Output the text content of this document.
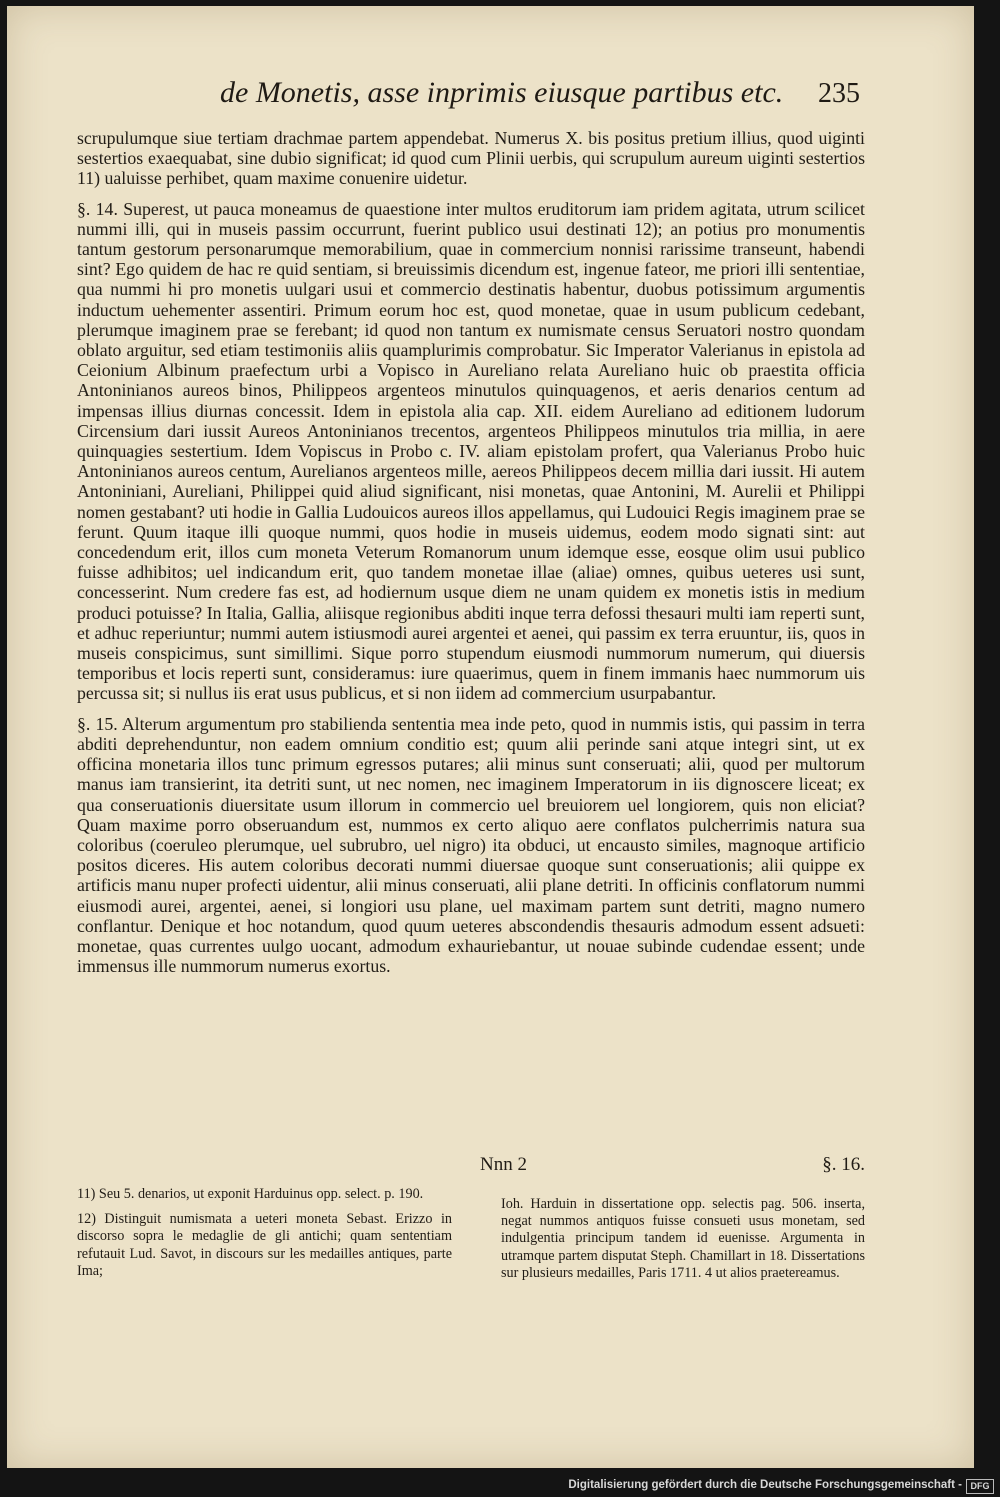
de Monetis, asse inprimis eiusque partibus etc. 235

scrupulumque siue tertiam drachmae partem appendebat. Numerus X. bis positus pretium illius, quod uiginti sestertios exaequabat, sine dubio significat; id quod cum Plinii uerbis, qui scrupulum aureum uiginti sestertios 11) ualuisse perhibet, quam maxime conuenire uidetur.

§. 14. Superest, ut pauca moneamus de quaestione inter multos eruditorum iam pridem agitata, utrum scilicet nummi illi, qui in museis passim occurrunt, fuerint publico usui destinati 12); an potius pro monumentis tantum gestorum personarumque memorabilium, quae in commercium nonnisi rarissime transeunt, habendi sint? Ego quidem de hac re quid sentiam, si breuissimis dicendum est, ingenue fateor, me priori illi sententiae, qua nummi hi pro monetis uulgari usui et commercio destinatis habentur, duobus potissimum argumentis inductum uehementer assentiri. Primum eorum hoc est, quod monetae, quae in usum publicum cedebant, plerumque imaginem prae se ferebant; id quod non tantum ex numismate census Seruatori nostro quondam oblato arguitur, sed etiam testimoniis aliis quamplurimis comprobatur. Sic Imperator Valerianus in epistola ad Ceionium Albinum praefectum urbi a Vopisco in Aureliano relata Aureliano huic ob praestita officia Antoninianos aureos binos, Philippeos argenteos minutulos quinquagenos, et aeris denarios centum ad impensas illius diurnas concessit. Idem in epistola alia cap. XII. eidem Aureliano ad editionem ludorum Circensium dari iussit Aureos Antoninianos trecentos, argenteos Philippeos minutulos tria millia, in aere quinquagies sestertium. Idem Vopiscus in Probo c. IV. aliam epistolam profert, qua Valerianus Probo huic Antoninianos aureos centum, Aurelianos argenteos mille, aereos Philippeos decem millia dari iussit. Hi autem Antoniniani, Aureliani, Philippei quid aliud significant, nisi monetas, quae Antonini, M. Aurelii et Philippi nomen gestabant? uti hodie in Gallia Ludouicos aureos illos appellamus, qui Ludouici Regis imaginem prae se ferunt. Quum itaque illi quoque nummi, quos hodie in museis uidemus, eodem modo signati sint: aut concedendum erit, illos cum moneta Veterum Romanorum unum idemque esse, eosque olim usui publico fuisse adhibitos; uel indicandum erit, quo tandem monetae illae (aliae) omnes, quibus ueteres usi sunt, concesserint. Num credere fas est, ad hodiernum usque diem ne unam quidem ex monetis istis in medium produci potuisse? In Italia, Gallia, aliisque regionibus abditi inque terra defossi thesauri multi iam reperti sunt, et adhuc reperiuntur; nummi autem istiusmodi aurei argentei et aenei, qui passim ex terra eruuntur, iis, quos in museis conspicimus, sunt simillimi. Sique porro stupendum eiusmodi nummorum numerum, qui diuersis temporibus et locis reperti sunt, consideramus: iure quaerimus, quem in finem immanis haec nummorum uis percussa sit; si nullus iis erat usus publicus, et si non iidem ad commercium usurpabantur.

§. 15. Alterum argumentum pro stabilienda sententia mea inde peto, quod in nummis istis, qui passim in terra abditi deprehenduntur, non eadem omnium conditio est; quum alii perinde sani atque integri sint, ut ex officina monetaria illos tunc primum egressos putares; alii minus sunt conseruati; alii, quod per multorum manus iam transierint, ita detriti sunt, ut nec nomen, nec imaginem Imperatorum in iis dignoscere liceat; ex qua conseruationis diuersitate usum illorum in commercio uel breuiorem uel longiorem, quis non eliciat? Quam maxime porro obseruandum est, nummos ex certo aliquo aere conflatos pulcherrimis natura sua coloribus (coeruleo plerumque, uel subrubro, uel nigro) ita obduci, ut encausto similes, magnoque artificio positos diceres. His autem coloribus decorati nummi diuersae quoque sunt conseruationis; alii quippe ex artificis manu nuper profecti uidentur, alii minus conseruati, alii plane detriti. In officinis conflatorum nummi eiusmodi aurei, argentei, aenei, si longiori usu plane, uel maximam partem sunt detriti, magno numero conflantur. Denique et hoc notandum, quod quum ueteres abscondendis thesauris admodum essent adsueti: monetae, quas currentes uulgo uocant, admodum exhauriebantur, ut nouae subinde cudendae essent; unde immensus ille nummorum numerus exortus.

Nnn 2	§. 16.

11) Seu 5. denarios, ut exponit Harduinus opp. select. p. 190.

12) Distinguit numismata a ueteri moneta Sebast. Erizzo in discorso sopra le medaglie de gli antichi; quam sententiam refutauit Lud. Savot, in discours sur les medailles antiques, parte Ima;

Ioh. Harduin in dissertatione opp. selectis pag. 506. inserta, negat nummos antiquos fuisse consueti usus monetam, sed indulgentia principum tandem id euenisse. Argumenta in utramque partem disputat Steph. Chamillart in 18. Dissertations sur plusieurs medailles, Paris 1711. 4 ut alios praetereamus.

Digitalisierung gefördert durch die Deutsche Forschungsgemeinschaft - DFG
